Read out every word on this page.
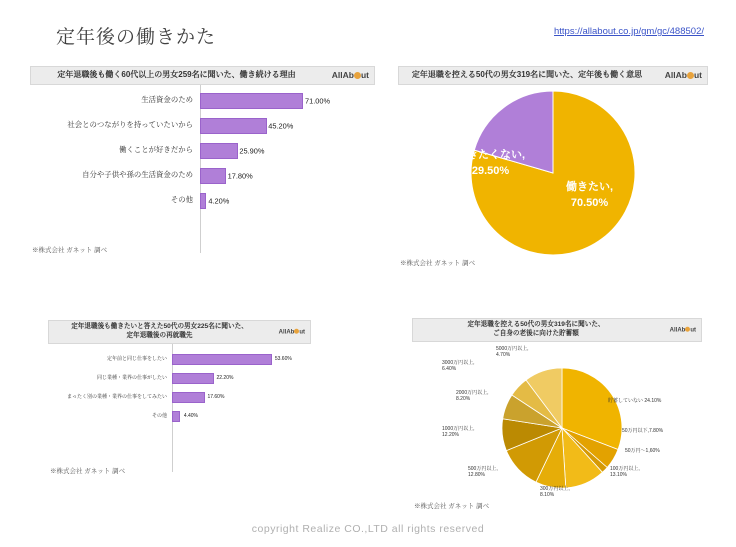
定年後の働きかた	https://allabout.co.jp/gm/gc/488502/
定年退職後も働く60代以上の男女259名に聞いた、働き続ける理由	AllAb ut
生活資金のため	71.00%
社会とのつながりを持っていたいから	45.20%
働くことが好きだから	25.90%
自分や子供や孫の生活資金のため	17.80%
その他	4.20%
※株式会社 ガネット 調べ
定年退職を控える50代の男女319名に聞いた、定年後も働く意思	AllAb ut
働きたくない,
29.50%
働きたい,
70.50%
※株式会社 ガネット 調べ
定年退職後も働きたいと答えた50代の男女225名に聞いた、
定年退職後の再就職先	AllAb ut
定年前と同じ仕事をしたい	53.60%
同じ業種・業界の仕事がしたい	22.20%
まったく別の業種・業界の仕事をしてみたい	17.60%
その他	4.40%
※株式会社 ガネット 調べ
定年退職を控える50代の男女319名に聞いた、
ご自身の老後に向けた貯蓄額	AllAb ut
貯蓄していない 24.10%
50万円以下,7.80%
50万円～1,60%
100万円以上,
13.10%
300万円以上,
8.10%
500万円以上,
12.80%
1000万円以上,
12.20%
2000万円以上,
8.20%
3000万円以上,
6.40%
5000万円以上,
4.70%
※株式会社 ガネット 調べ
copyright Realize CO.,LTD all rights reserved
